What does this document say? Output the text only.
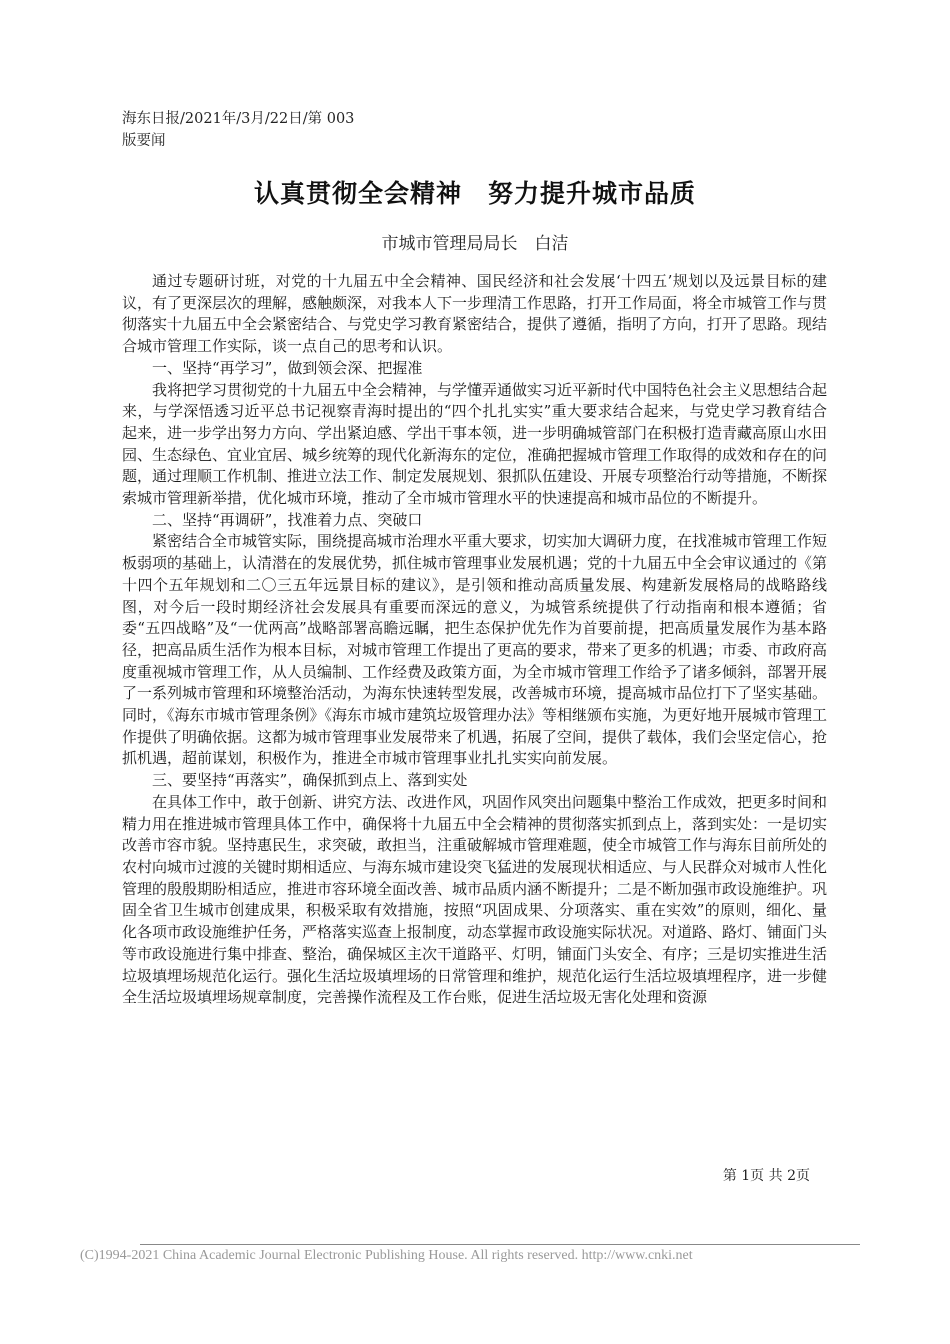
海东日报/2021年/3月/22日/第 003
版要闻
认真贯彻全会精神　努力提升城市品质
市城市管理局局长　白洁

通过专题研讨班，对党的十九届五中全会精神、国民经济和社会发展‘十四五’规划以及远景目标的建议，有了更深层次的理解，感触颇深，对我本人下一步理清工作思路，打开工作局面，将全市城管工作与贯彻落实十九届五中全会紧密结合、与党史学习教育紧密结合，提供了遵循，指明了方向，打开了思路。现结合城市管理工作实际，谈一点自己的思考和认识。

一、坚持“再学习”，做到领会深、把握准

我将把学习贯彻党的十九届五中全会精神，与学懂弄通做实习近平新时代中国特色社会主义思想结合起来，与学深悟透习近平总书记视察青海时提出的“四个扎扎实实”重大要求结合起来，与党史学习教育结合起来，进一步学出努力方向、学出紧迫感、学出干事本领，进一步明确城管部门在积极打造青藏高原山水田园、生态绿色、宜业宜居、城乡统筹的现代化新海东的定位，准确把握城市管理工作取得的成效和存在的问题，通过理顺工作机制、推进立法工作、制定发展规划、狠抓队伍建设、开展专项整治行动等措施，不断探索城市管理新举措，优化城市环境，推动了全市城市管理水平的快速提高和城市品位的不断提升。

二、坚持“再调研”，找准着力点、突破口

紧密结合全市城管实际，围绕提高城市治理水平重大要求，切实加大调研力度，在找准城市管理工作短板弱项的基础上，认清潜在的发展优势，抓住城市管理事业发展机遇；党的十九届五中全会审议通过的《第十四个五年规划和二〇三五年远景目标的建议》，是引领和推动高质量发展、构建新发展格局的战略路线图，对今后一段时期经济社会发展具有重要而深远的意义，为城管系统提供了行动指南和根本遵循；省委“五四战略”及“一优两高”战略部署高瞻远瞩，把生态保护优先作为首要前提，把高质量发展作为基本路径，把高品质生活作为根本目标，对城市管理工作提出了更高的要求，带来了更多的机遇；市委、市政府高度重视城市管理工作，从人员编制、工作经费及政策方面，为全市城市管理工作给予了诸多倾斜，部署开展了一系列城市管理和环境整治活动，为海东快速转型发展，改善城市环境，提高城市品位打下了坚实基础。同时，《海东市城市管理条例》《海东市城市建筑垃圾管理办法》等相继颁布实施，为更好地开展城市管理工作提供了明确依据。这都为城市管理事业发展带来了机遇，拓展了空间，提供了载体，我们会坚定信心，抢抓机遇，超前谋划，积极作为，推进全市城市管理事业扎扎实实向前发展。

三、要坚持“再落实”，确保抓到点上、落到实处

在具体工作中，敢于创新、讲究方法、改进作风，巩固作风突出问题集中整治工作成效，把更多时间和精力用在推进城市管理具体工作中，确保将十九届五中全会精神的贯彻落实抓到点上，落到实处：一是切实改善市容市貌。坚持惠民生，求突破，敢担当，注重破解城市管理难题，使全市城管工作与海东目前所处的农村向城市过渡的关键时期相适应、与海东城市建设突飞猛进的发展现状相适应、与人民群众对城市人性化管理的殷殷期盼相适应，推进市容环境全面改善、城市品质内涵不断提升；二是不断加强市政设施维护。巩固全省卫生城市创建成果，积极采取有效措施，按照“巩固成果、分项落实、重在实效”的原则，细化、量化各项市政设施维护任务，严格落实巡查上报制度，动态掌握市政设施实际状况。对道路、路灯、铺面门头等市政设施进行集中排查、整治，确保城区主次干道路平、灯明，铺面门头安全、有序；三是切实推进生活垃圾填埋场规范化运行。强化生活垃圾填埋场的日常管理和维护，规范化运行生活垃圾填埋程序，进一步健全生活垃圾填埋场规章制度，完善操作流程及工作台账，促进生活垃圾无害化处理和资源

第 1页 共 2页
(C)1994-2021 China Academic Journal Electronic Publishing House. All rights reserved. http://www.cnki.net
